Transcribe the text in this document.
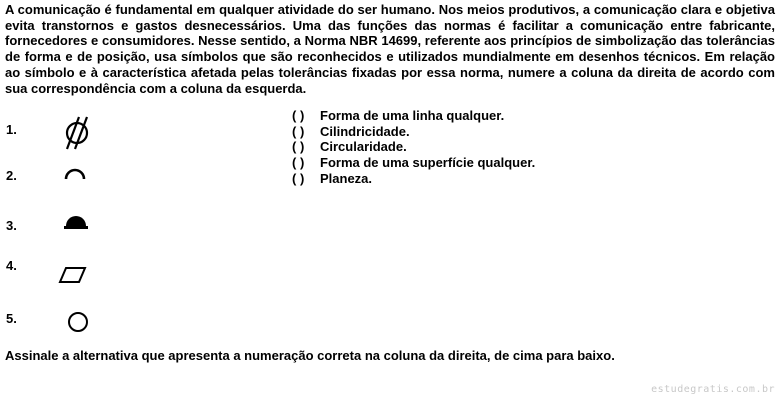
A comunicação é fundamental em qualquer atividade do ser humano. Nos meios produtivos, a comunicação clara e objetiva evita transtornos e gastos desnecessários. Uma das funções das normas é facilitar a comunicação entre fabricante, fornecedores e consumidores. Nesse sentido, a Norma NBR 14699, referente aos princípios de simbolização das tolerâncias de forma e de posição, usa símbolos que são reconhecidos e utilizados mundialmente em desenhos técnicos. Em relação ao símbolo e à característica afetada pelas tolerâncias fixadas por essa norma, numere a coluna da direita de acordo com sua correspondência com a coluna da esquerda.

1.
2.
3.
4.
5.
( ) Forma de uma linha qualquer.
( ) Cilindricidade.
( ) Circularidade.
( ) Forma de uma superfície qualquer.
( ) Planeza.
Assinale a alternativa que apresenta a numeração correta na coluna da direita, de cima para baixo.
estudegratis.com.br
